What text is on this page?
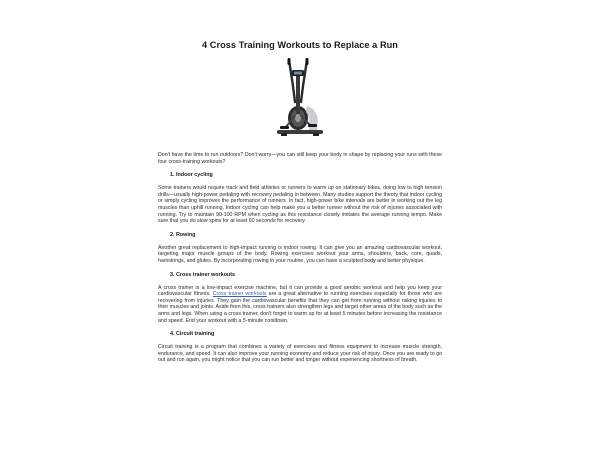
4 Cross Training Workouts to Replace a Run

Don't have the time to run outdoors? Don't worry—you can still keep your body in shape by replacing your runs with these four cross-training workouts?

1. Indoor cycling

Some trainers would require track and field athletes or runners to warm up on stationary bikes, doing low to high tension drills—usually high-power pedaling with recovery pedaling in between. Many studies support the theory that indoor cycling or simply cycling improves the performance of runners. In fact, high-power bike intervals are better in working out the leg muscles than uphill running. Indoor cycling can help make you a better runner without the risk of injuries associated with running. Try to maintain 90-100 RPM when cycling as this resistance closely imitates the average running tempo. Make sure that you do slow spins for at least 60 seconds for recovery.

2. Rowing

Another great replacement to high-impact running is indoor rowing. It can give you an amazing cardiovascular workout, targeting major muscle groups of the body. Rowing exercises workout your arms, shoulders, back, core, quads, hamstrings, and glutes. By incorporating rowing in your routine, you can have a sculpted body and better physique.

3. Cross trainer workouts

A cross trainer is a low-impact exercise machine, but it can provide a good aerobic workout and help you keep your cardiovascular fitness. Cross trainer workouts are a great alternative to running exercises especially for those who are recovering from injuries. They gain the cardiovascular benefits that they can get from running without risking injuries to their muscles and joints. Aside from this, cross trainers also strengthen legs and target other areas of the body such as the arms and legs. When using a cross trainer, don't forget to warm up for at least 5 minutes before increasing the resistance and speed. End your workout with a 5-minute cooldown.

4. Circuit training

Circuit training is a program that combines a variety of exercises and fitness equipment to increase muscle strength, endurance, and speed. It can also improve your running economy and reduce your risk of injury. Once you are ready to go out and run again, you might notice that you can run better and longer without experiencing shortness of breath.
